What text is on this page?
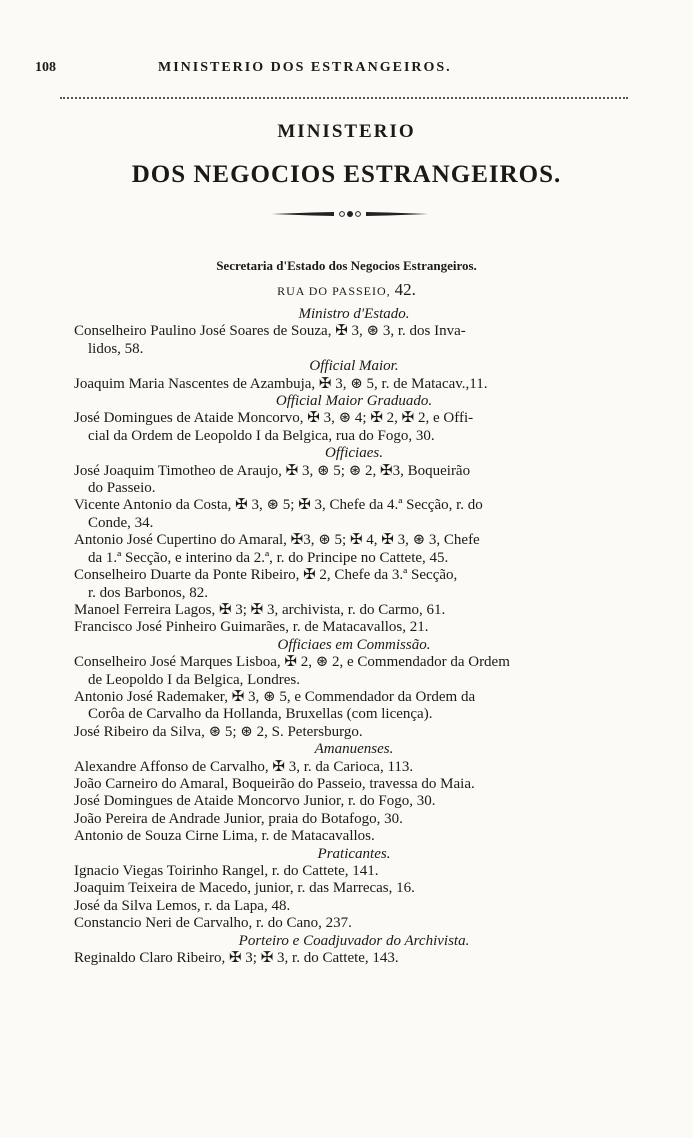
108	MINISTERIO DOS ESTRANGEIROS.
MINISTERIO
DOS NEGOCIOS ESTRANGEIROS.
Secretaria d'Estado dos Negocios Estrangeiros.
RUA DO PASSEIO, 42.
Ministro d'Estado.
Conselheiro Paulino José Soares de Souza, ✠ 3, ⊛ 3, r. dos Inva-
lidos, 58.
Official Maior.
Joaquim Maria Nascentes de Azambuja, ✠ 3, ⊛ 5, r. de Matacav.,11.
Official Maior Graduado.
José Domingues de Ataide Moncorvo, ✠ 3, ⊛ 4; ✠ 2, ✠ 2, e Offi-
cial da Ordem de Leopoldo I da Belgica, rua do Fogo, 30.
Officiaes.
José Joaquim Timotheo de Araujo, ✠ 3, ⊛ 5; ⊛ 2, ✠3, Boqueirão
do Passeio.
Vicente Antonio da Costa, ✠ 3, ⊛ 5; ✠ 3, Chefe da 4.ª Secção, r. do
Conde, 34.
Antonio José Cupertino do Amaral, ✠3, ⊛ 5; ✠ 4, ✠ 3, ⊛ 3, Chefe
da 1.ª Secção, e interino da 2.ª, r. do Principe no Cattete, 45.
Conselheiro Duarte da Ponte Ribeiro, ✠ 2, Chefe da 3.ª Secção,
r. dos Barbonos, 82.
Manoel Ferreira Lagos, ✠ 3; ✠ 3, archivista, r. do Carmo, 61.
Francisco José Pinheiro Guimarães, r. de Matacavallos, 21.
Officiaes em Commissão.
Conselheiro José Marques Lisboa, ✠ 2, ⊛ 2, e Commendador da Ordem
de Leopoldo I da Belgica, Londres.
Antonio José Rademaker, ✠ 3, ⊛ 5, e Commendador da Ordem da
Corôa de Carvalho da Hollanda, Bruxellas (com licença).
José Ribeiro da Silva, ⊛ 5; ⊛ 2, S. Petersburgo.
Amanuenses.
Alexandre Affonso de Carvalho, ✠ 3, r. da Carioca, 113.
João Carneiro do Amaral, Boqueirão do Passeio, travessa do Maia.
José Domingues de Ataide Moncorvo Junior, r. do Fogo, 30.
João Pereira de Andrade Junior, praia do Botafogo, 30.
Antonio de Souza Cirne Lima, r. de Matacavallos.
Praticantes.
Ignacio Viegas Toirinho Rangel, r. do Cattete, 141.
Joaquim Teixeira de Macedo, junior, r. das Marrecas, 16.
José da Silva Lemos, r. da Lapa, 48.
Constancio Neri de Carvalho, r. do Cano, 237.
Porteiro e Coadjuvador do Archivista.
Reginaldo Claro Ribeiro, ✠ 3; ✠ 3, r. do Cattete, 143.
